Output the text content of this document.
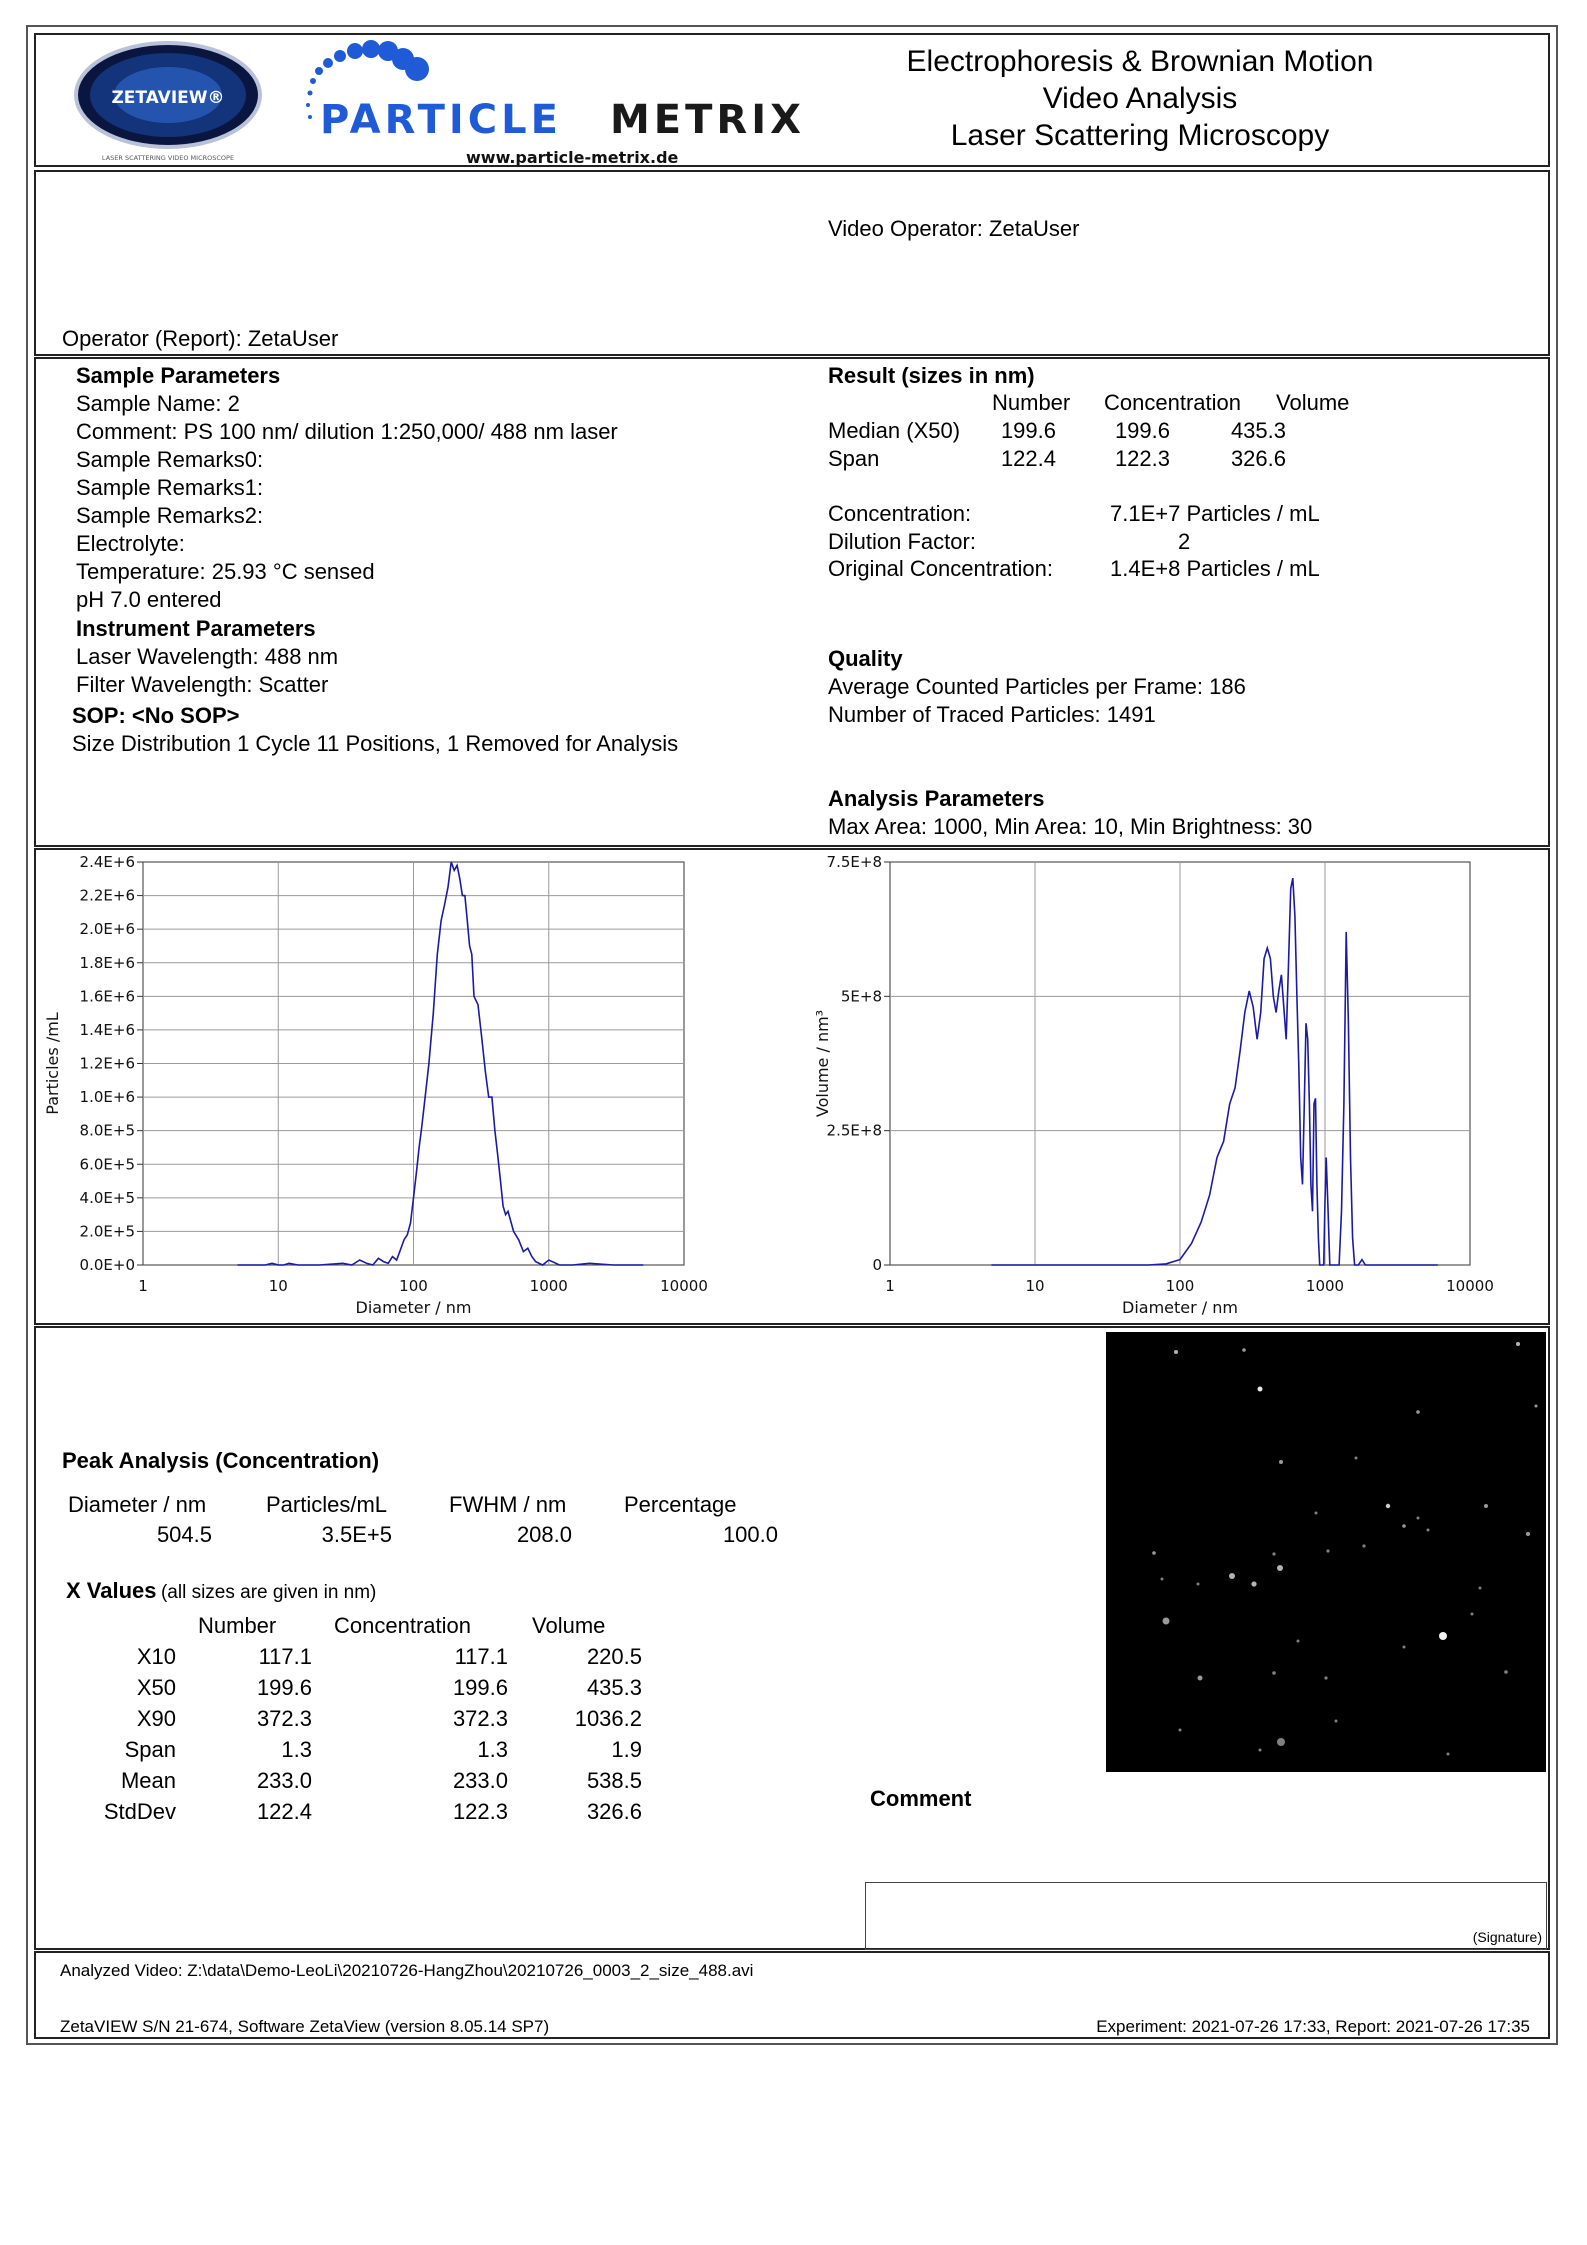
ZETAVIEW®
LASER SCATTERING VIDEO MICROSCOPE
PARTICLE METRIX
www.particle-metrix.de
Electrophoresis & Brownian Motion
Video Analysis
Laser Scattering Microscopy
Video Operator: ZetaUser
Operator (Report): ZetaUser
Sample Parameters
Sample Name: 2
Comment: PS 100 nm/ dilution 1:250,000/ 488 nm laser
Sample Remarks0:
Sample Remarks1:
Sample Remarks2:
Electrolyte:
Temperature: 25.93 °C sensed
pH 7.0 entered
Instrument Parameters
Laser Wavelength: 488 nm
Filter Wavelength: Scatter
SOP: <No SOP>
Size Distribution 1 Cycle 11 Positions, 1 Removed for Analysis
Result (sizes in nm)
Number Concentration Volume
Median (X50)	199.6	199.6	435.3
Span	122.4	122.3	326.6
Concentration:	7.1E+7 Particles / mL
Dilution Factor:	2
Original Concentration:	1.4E+8 Particles / mL
Quality
Average Counted Particles per Frame: 186
Number of Traced Particles: 1491
Analysis Parameters
Max Area: 1000, Min Area: 10, Min Brightness: 30
1	10	100	1000	10000
0.0E+0
2.0E+5
4.0E+5
6.0E+5
8.0E+5
1.0E+6
1.2E+6
1.4E+6
1.6E+6
1.8E+6
2.0E+6
2.2E+6
2.4E+6
Diameter / nm
Particles /mL
1	10	100	1000	10000
0
2.5E+8
5E+8
7.5E+8
Diameter / nm
Volume / nm³
Peak Analysis (Concentration)
Diameter / nm	Particles/mL	FWHM / nm	Percentage
504.5	3.5E+5	208.0	100.0
X Values (all sizes are given in nm)
Number	Concentration	Volume
X10	117.1	117.1	220.5
X50	199.6	199.6	435.3
X90	372.3	372.3	1036.2
Span	1.3	1.3	1.9
Mean	233.0	233.0	538.5
StdDev	122.4	122.3	326.6
Comment
(Signature)
Analyzed Video: Z:\data\Demo-LeoLi\20210726-HangZhou\20210726_0003_2_size_488.avi
ZetaVIEW S/N 21-674, Software ZetaView (version 8.05.14 SP7)	Experiment: 2021-07-26 17:33, Report: 2021-07-26 17:35
